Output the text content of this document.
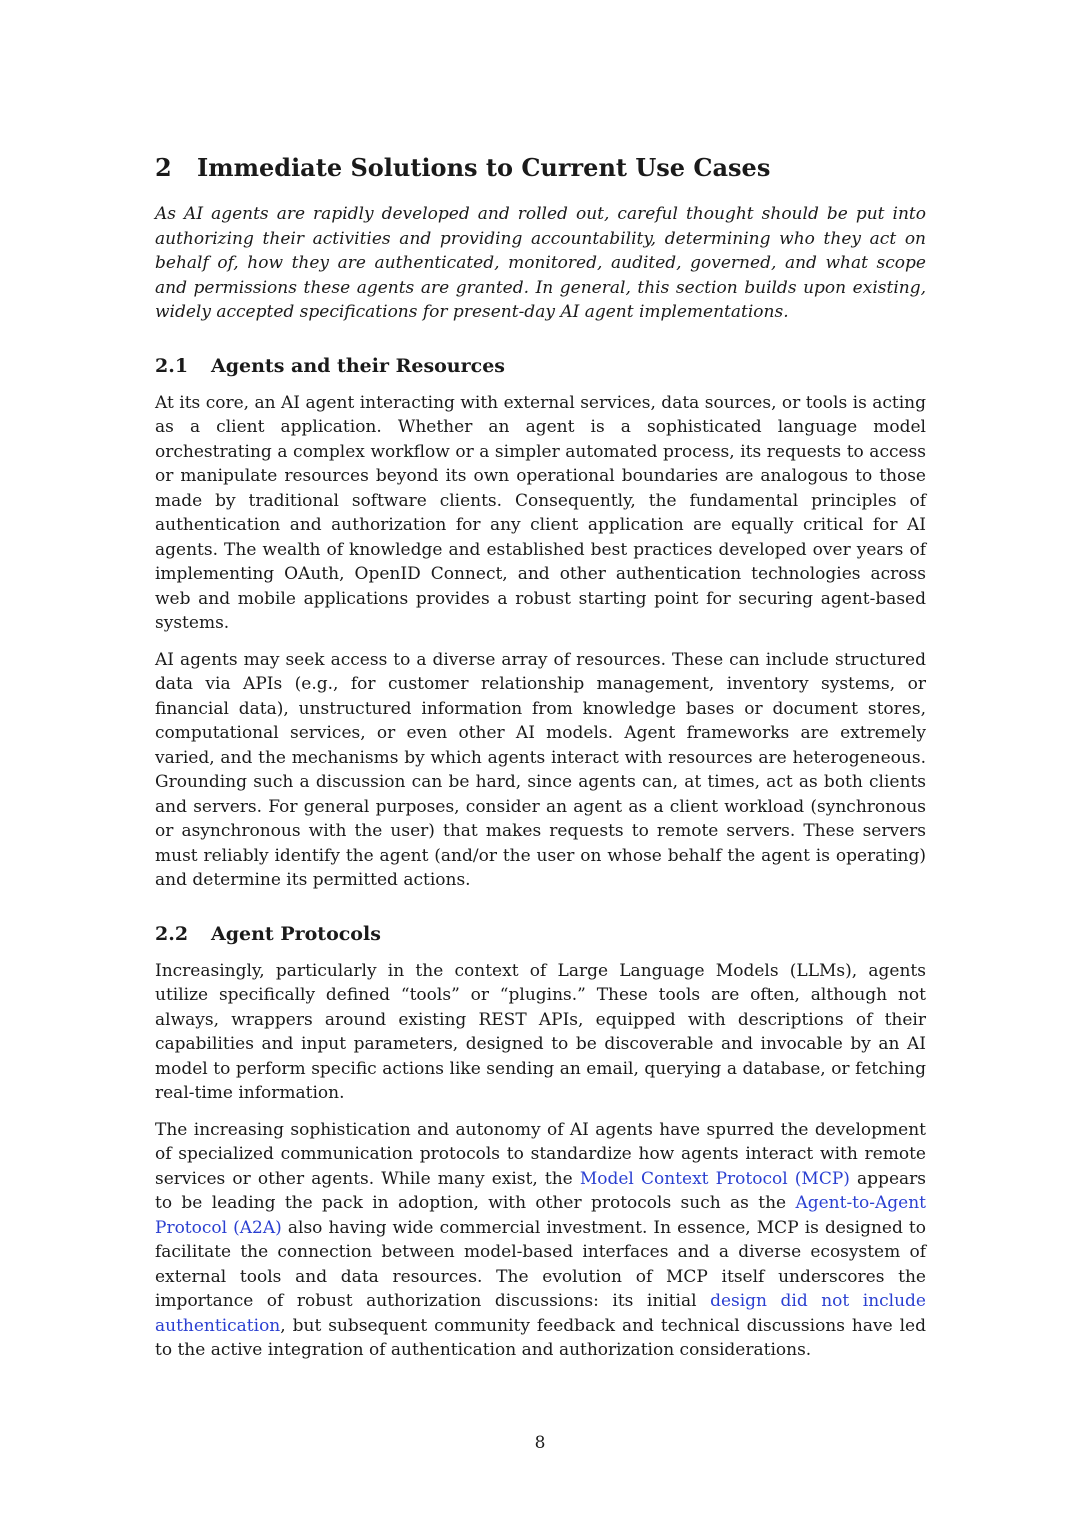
2 Immediate Solutions to Current Use Cases

As AI agents are rapidly developed and rolled out, careful thought should be put into authorizing their activities and providing accountability, determining who they act on behalf of, how they are authenticated, monitored, audited, governed, and what scope and permissions these agents are granted. In general, this section builds upon existing, widely accepted specifications for present-day AI agent implementations.

2.1 Agents and their Resources

At its core, an AI agent interacting with external services, data sources, or tools is acting as a client application. Whether an agent is a sophisticated language model orchestrating a complex workflow or a simpler automated process, its requests to access or manipulate resources beyond its own operational boundaries are analogous to those made by traditional software clients. Consequently, the fundamental principles of authentication and authorization for any client application are equally critical for AI agents. The wealth of knowledge and established best practices developed over years of implementing OAuth, OpenID Connect, and other authentication technologies across web and mobile applications provides a robust starting point for securing agent-based systems.

AI agents may seek access to a diverse array of resources. These can include structured data via APIs (e.g., for customer relationship management, inventory systems, or financial data), unstructured information from knowledge bases or document stores, computational services, or even other AI models. Agent frameworks are extremely varied, and the mechanisms by which agents interact with resources are heterogeneous. Grounding such a discussion can be hard, since agents can, at times, act as both clients and servers. For general purposes, consider an agent as a client workload (synchronous or asynchronous with the user) that makes requests to remote servers. These servers must reliably identify the agent (and/or the user on whose behalf the agent is operating) and determine its permitted actions.

2.2 Agent Protocols

Increasingly, particularly in the context of Large Language Models (LLMs), agents utilize specifically defined “tools” or “plugins.” These tools are often, although not always, wrappers around existing REST APIs, equipped with descriptions of their capabilities and input parameters, designed to be discoverable and invocable by an AI model to perform specific actions like sending an email, querying a database, or fetching real-time information.

The increasing sophistication and autonomy of AI agents have spurred the development of specialized communication protocols to standardize how agents interact with remote services or other agents. While many exist, the Model Context Protocol (MCP) appears to be leading the pack in adoption, with other protocols such as the Agent-to-Agent Protocol (A2A) also having wide commercial investment. In essence, MCP is designed to facilitate the connection between model-based interfaces and a diverse ecosystem of external tools and data resources. The evolution of MCP itself underscores the importance of robust authorization discussions: its initial design did not include authentication, but subsequent community feedback and technical discussions have led to the active integration of authentication and authorization considerations.

8
